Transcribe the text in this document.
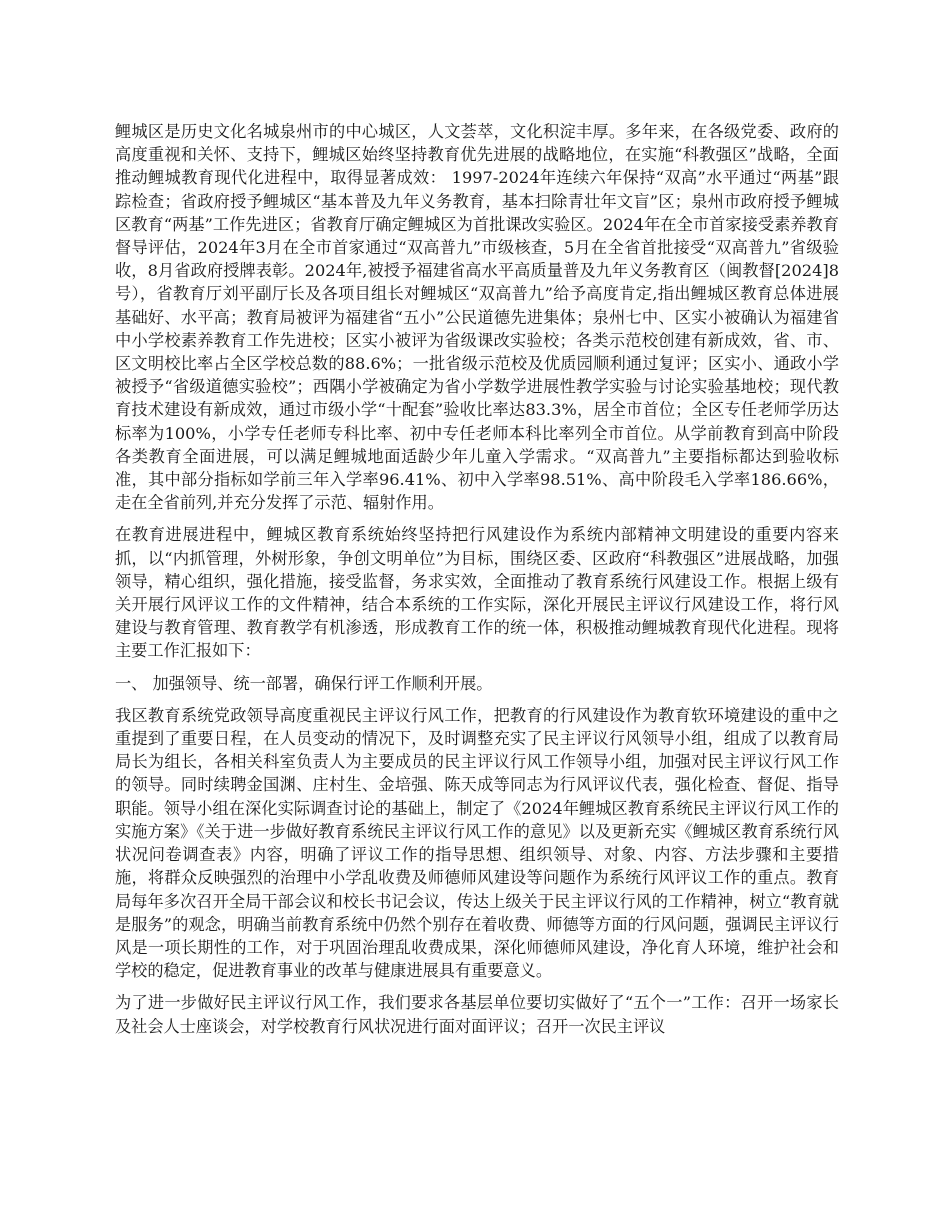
鲤城区是历史文化名城泉州市的中心城区，人文荟萃，文化积淀丰厚。多年来，在各级党委、政府的高度重视和关怀、支持下，鲤城区始终坚持教育优先进展的战略地位，在实施“科教强区”战略，全面推动鲤城教育现代化进程中，取得显著成效： 1997-2024年连续六年保持“双高”水平通过“两基”跟踪检查；省政府授予鲤城区“基本普及九年义务教育，基本扫除青壮年文盲”区；泉州市政府授予鲤城区教育“两基”工作先进区；省教育厅确定鲤城区为首批课改实验区。2024年在全市首家接受素养教育督导评估，2024年3月在全市首家通过“双高普九”市级核查，5月在全省首批接受“双高普九”省级验收，8月省政府授牌表彰。2024年,被授予福建省高水平高质量普及九年义务教育区（闽教督[2024]8号），省教育厅刘平副厅长及各项目组长对鲤城区“双高普九”给予高度肯定,指出鲤城区教育总体进展基础好、水平高；教育局被评为福建省“五小”公民道德先进集体；泉州七中、区实小被确认为福建省中小学校素养教育工作先进校；区实小被评为省级课改实验校；各类示范校创建有新成效，省、市、区文明校比率占全区学校总数的88.6%；一批省级示范校及优质园顺利通过复评；区实小、通政小学被授予“省级道德实验校”；西隅小学被确定为省小学数学进展性教学实验与讨论实验基地校；现代教育技术建设有新成效，通过市级小学“十配套”验收比率达83.3%，居全市首位；全区专任老师学历达标率为100%，小学专任老师专科比率、初中专任老师本科比率列全市首位。从学前教育到高中阶段各类教育全面进展，可以满足鲤城地面适龄少年儿童入学需求。“双高普九”主要指标都达到验收标准，其中部分指标如学前三年入学率96.41%、初中入学率98.51%、高中阶段毛入学率186.66%，走在全省前列,并充分发挥了示范、辐射作用。

在教育进展进程中，鲤城区教育系统始终坚持把行风建设作为系统内部精神文明建设的重要内容来抓，以“内抓管理，外树形象，争创文明单位”为目标，围绕区委、区政府“科教强区”进展战略，加强领导，精心组织，强化措施，接受监督，务求实效，全面推动了教育系统行风建设工作。根据上级有关开展行风评议工作的文件精神，结合本系统的工作实际，深化开展民主评议行风建设工作，将行风建设与教育管理、教育教学有机渗透，形成教育工作的统一体，积极推动鲤城教育现代化进程。现将主要工作汇报如下：

一、 加强领导、统一部署，确保行评工作顺利开展。

我区教育系统党政领导高度重视民主评议行风工作，把教育的行风建设作为教育软环境建设的重中之重提到了重要日程，在人员变动的情况下，及时调整充实了民主评议行风领导小组，组成了以教育局局长为组长，各相关科室负责人为主要成员的民主评议行风工作领导小组，加强对民主评议行风工作的领导。同时续聘金国渊、庄村生、金培强、陈天成等同志为行风评议代表，强化检查、督促、指导职能。领导小组在深化实际调查讨论的基础上，制定了《2024年鲤城区教育系统民主评议行风工作的实施方案》《关于进一步做好教育系统民主评议行风工作的意见》以及更新充实《鲤城区教育系统行风状况问卷调查表》内容，明确了评议工作的指导思想、组织领导、对象、内容、方法步骤和主要措施，将群众反映强烈的治理中小学乱收费及师德师风建设等问题作为系统行风评议工作的重点。教育局每年多次召开全局干部会议和校长书记会议，传达上级关于民主评议行风的工作精神，树立“教育就是服务”的观念，明确当前教育系统中仍然个别存在着收费、师德等方面的行风问题，强调民主评议行风是一项长期性的工作，对于巩固治理乱收费成果，深化师德师风建设，净化育人环境，维护社会和学校的稳定，促进教育事业的改革与健康进展具有重要意义。

为了进一步做好民主评议行风工作，我们要求各基层单位要切实做好了“五个一”工作：召开一场家长及社会人士座谈会，对学校教育行风状况进行面对面评议；召开一次民主评议
